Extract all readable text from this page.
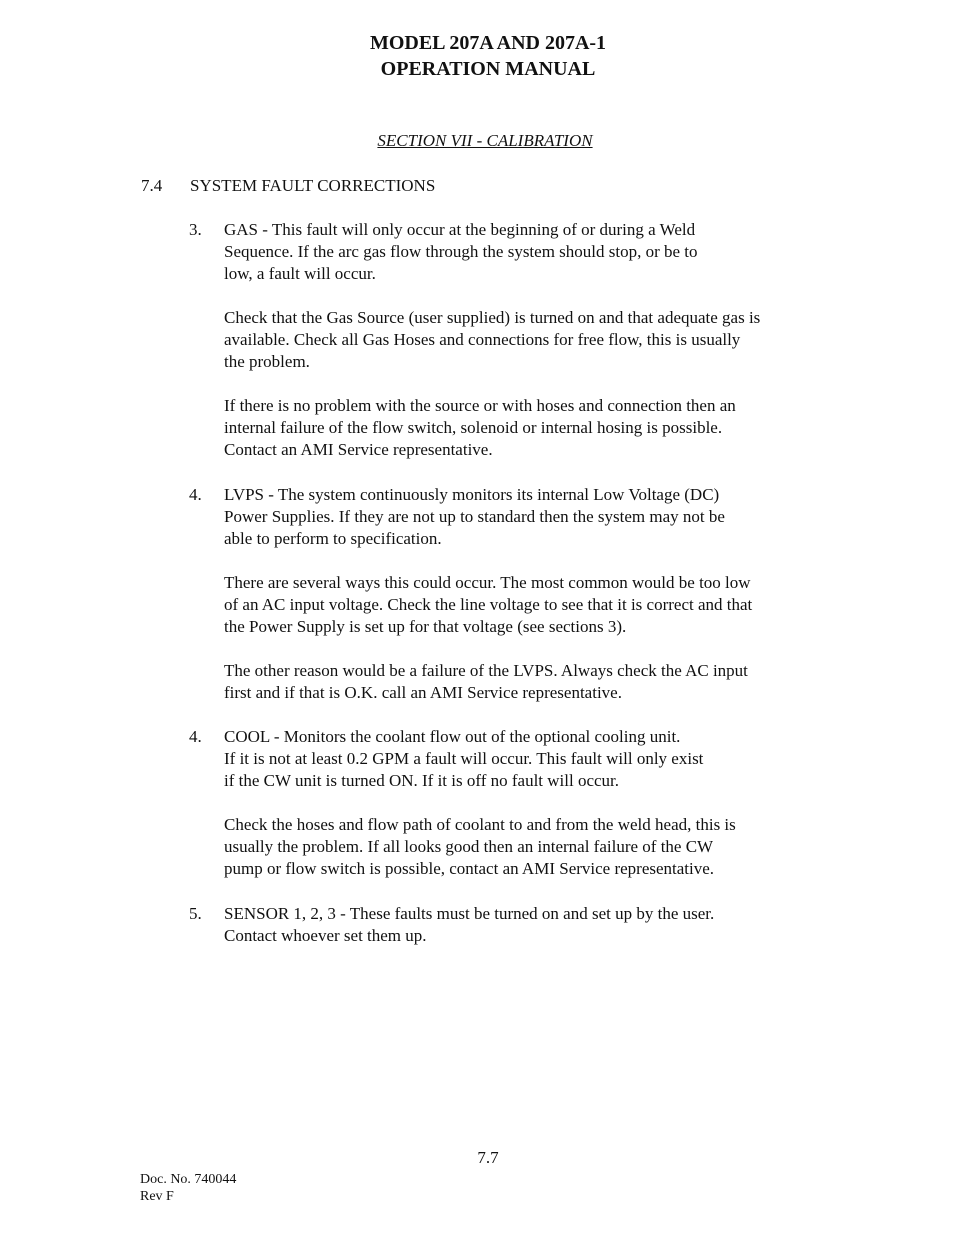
MODEL 207A AND 207A-1
OPERATION MANUAL
SECTION VII - CALIBRATION
7.4 SYSTEM FAULT CORRECTIONS
3. GAS - This fault will only occur at the beginning of or during a Weld
Sequence. If the arc gas flow through the system should stop, or be to
low, a fault will occur.
Check that the Gas Source (user supplied) is turned on and that adequate gas is
available. Check all Gas Hoses and connections for free flow, this is usually
the problem.
If there is no problem with the source or with hoses and connection then an
internal failure of the flow switch, solenoid or internal hosing is possible.
Contact an AMI Service representative.
4. LVPS - The system continuously monitors its internal Low Voltage (DC)
Power Supplies. If they are not up to standard then the system may not be
able to perform to specification.
There are several ways this could occur. The most common would be too low
of an AC input voltage. Check the line voltage to see that it is correct and that
the Power Supply is set up for that voltage (see sections 3).
The other reason would be a failure of the LVPS. Always check the AC input
first and if that is O.K. call an AMI Service representative.
4. COOL - Monitors the coolant flow out of the optional cooling unit.
If it is not at least 0.2 GPM a fault will occur. This fault will only exist
if the CW unit is turned ON. If it is off no fault will occur.
Check the hoses and flow path of coolant to and from the weld head, this is
usually the problem. If all looks good then an internal failure of the CW
pump or flow switch is possible, contact an AMI Service representative.
5. SENSOR 1, 2, 3 - These faults must be turned on and set up by the user.
Contact whoever set them up.
7.7
Doc. No. 740044
Rev F
